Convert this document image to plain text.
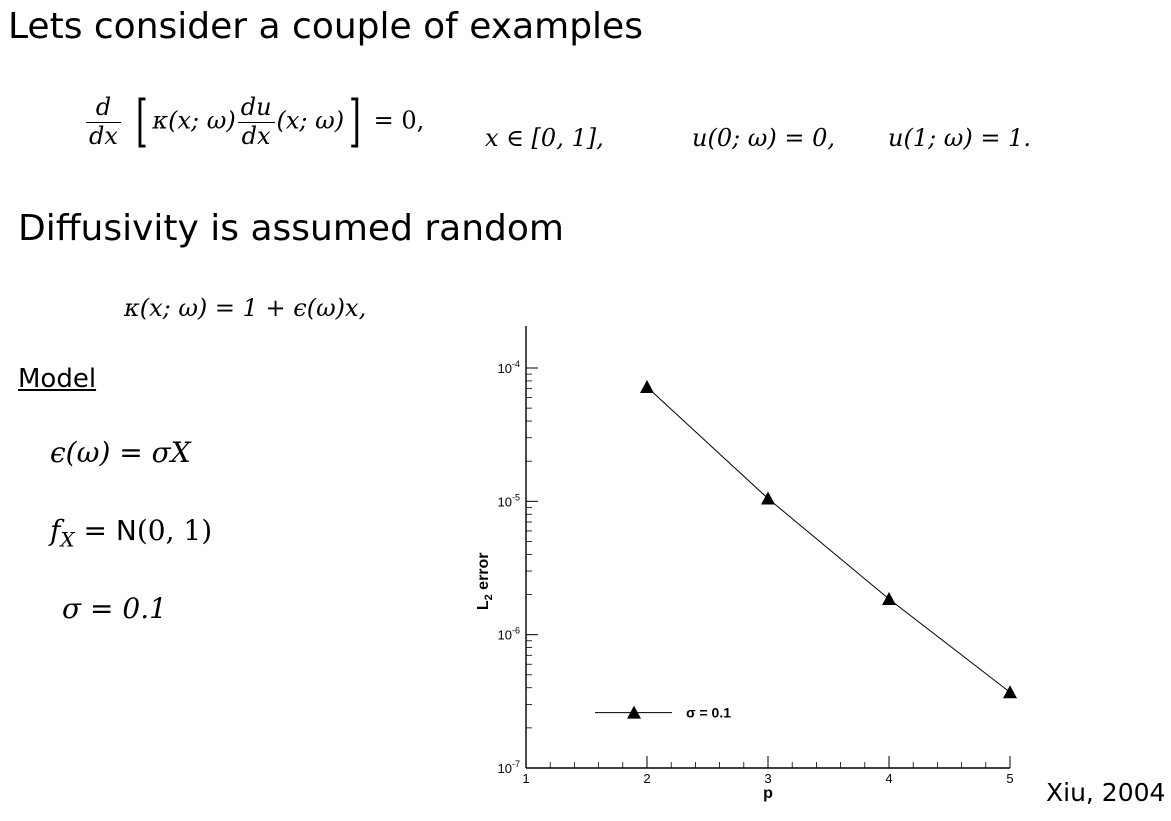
Lets consider a couple of examples
$\frac{d}{dx}$ [ κ(x; $\omega) \frac{du}{dx} (x$; ω)] = 0,
x ∈ [0, 1],	u(0; ω) = 0, u(1; ω) = 1.
Diffusivity is assumed random
κ(x; ω) = 1 + ϵ(ω)x,
Model
ϵ(ω) = σX
$f_X = N(0$, 1)
σ = 0.1
1	2	3	4	5
$10^{-7}$
$10^{-6}$
$10^{-5}$
$10^{-4}$
σ = 0.1
p
$L_2$ error
Xiu, 2004
